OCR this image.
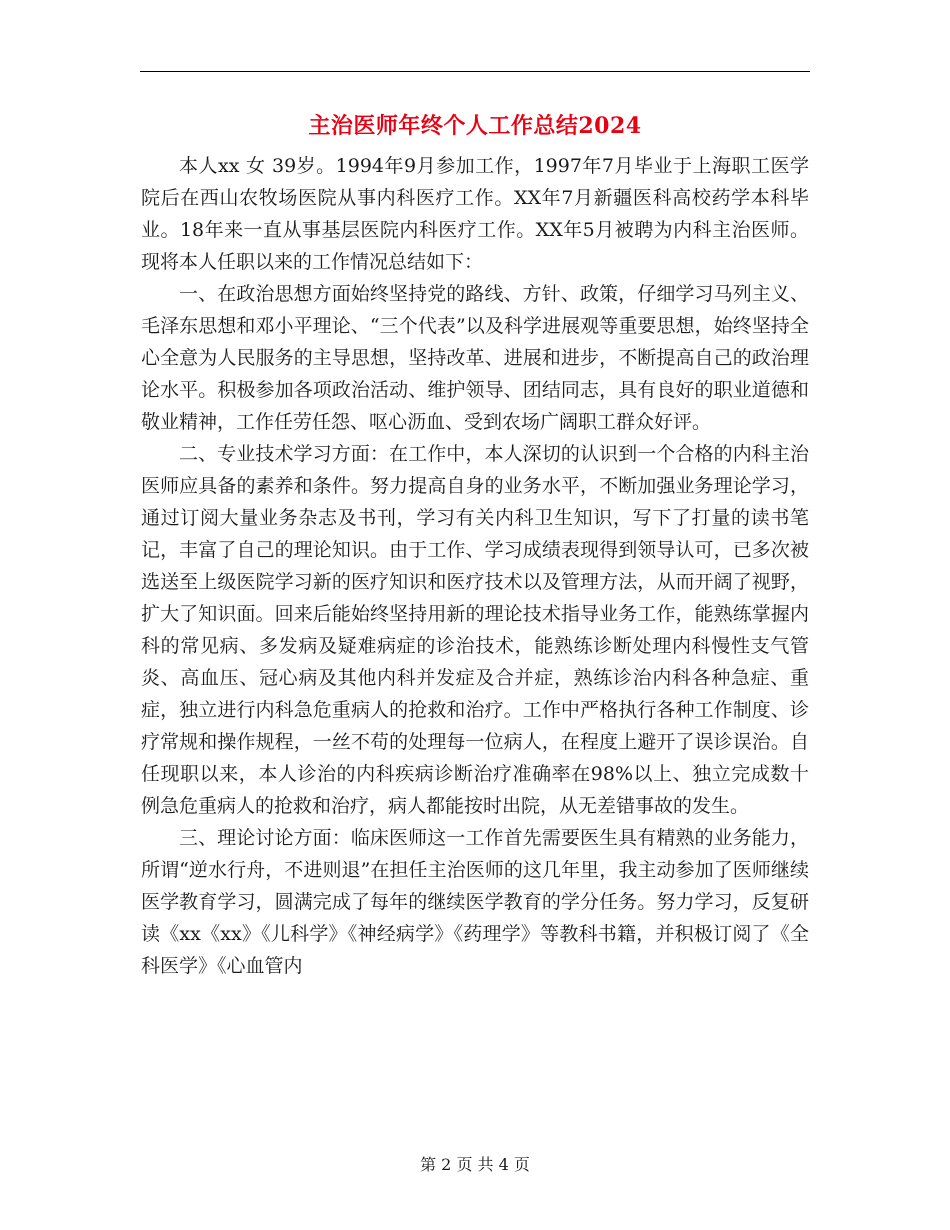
主治医师年终个人工作总结2024

本人xx 女 39岁。1994年9月参加工作，1997年7月毕业于上海职工医学院后在西山农牧场医院从事内科医疗工作。XX年7月新疆医科高校药学本科毕业。18年来一直从事基层医院内科医疗工作。XX年5月被聘为内科主治医师。现将本人任职以来的工作情况总结如下：

一、在政治思想方面始终坚持党的路线、方针、政策，仔细学习马列主义、毛泽东思想和邓小平理论、“三个代表”以及科学进展观等重要思想，始终坚持全心全意为人民服务的主导思想，坚持改革、进展和进步，不断提高自己的政治理论水平。积极参加各项政治活动、维护领导、团结同志，具有良好的职业道德和敬业精神，工作任劳任怨、呕心沥血、受到农场广阔职工群众好评。

二、专业技术学习方面：在工作中，本人深切的认识到一个合格的内科主治医师应具备的素养和条件。努力提高自身的业务水平，不断加强业务理论学习，通过订阅大量业务杂志及书刊，学习有关内科卫生知识，写下了打量的读书笔记，丰富了自己的理论知识。由于工作、学习成绩表现得到领导认可，已多次被选送至上级医院学习新的医疗知识和医疗技术以及管理方法，从而开阔了视野，扩大了知识面。回来后能始终坚持用新的理论技术指导业务工作，能熟练掌握内科的常见病、多发病及疑难病症的诊治技术，能熟练诊断处理内科慢性支气管炎、高血压、冠心病及其他内科并发症及合并症，熟练诊治内科各种急症、重症，独立进行内科急危重病人的抢救和治疗。工作中严格执行各种工作制度、诊疗常规和操作规程，一丝不苟的处理每一位病人，在程度上避开了误诊误治。自任现职以来，本人诊治的内科疾病诊断治疗准确率在98%以上、独立完成数十例急危重病人的抢救和治疗，病人都能按时出院，从无差错事故的发生。

三、理论讨论方面：临床医师这一工作首先需要医生具有精熟的业务能力，所谓“逆水行舟，不进则退”在担任主治医师的这几年里，我主动参加了医师继续医学教育学习，圆满完成了每年的继续医学教育的学分任务。努力学习，反复研读《xx《xx》《儿科学》《神经病学》《药理学》等教科书籍，并积极订阅了《全科医学》《心血管内

第 2 页 共 4 页
